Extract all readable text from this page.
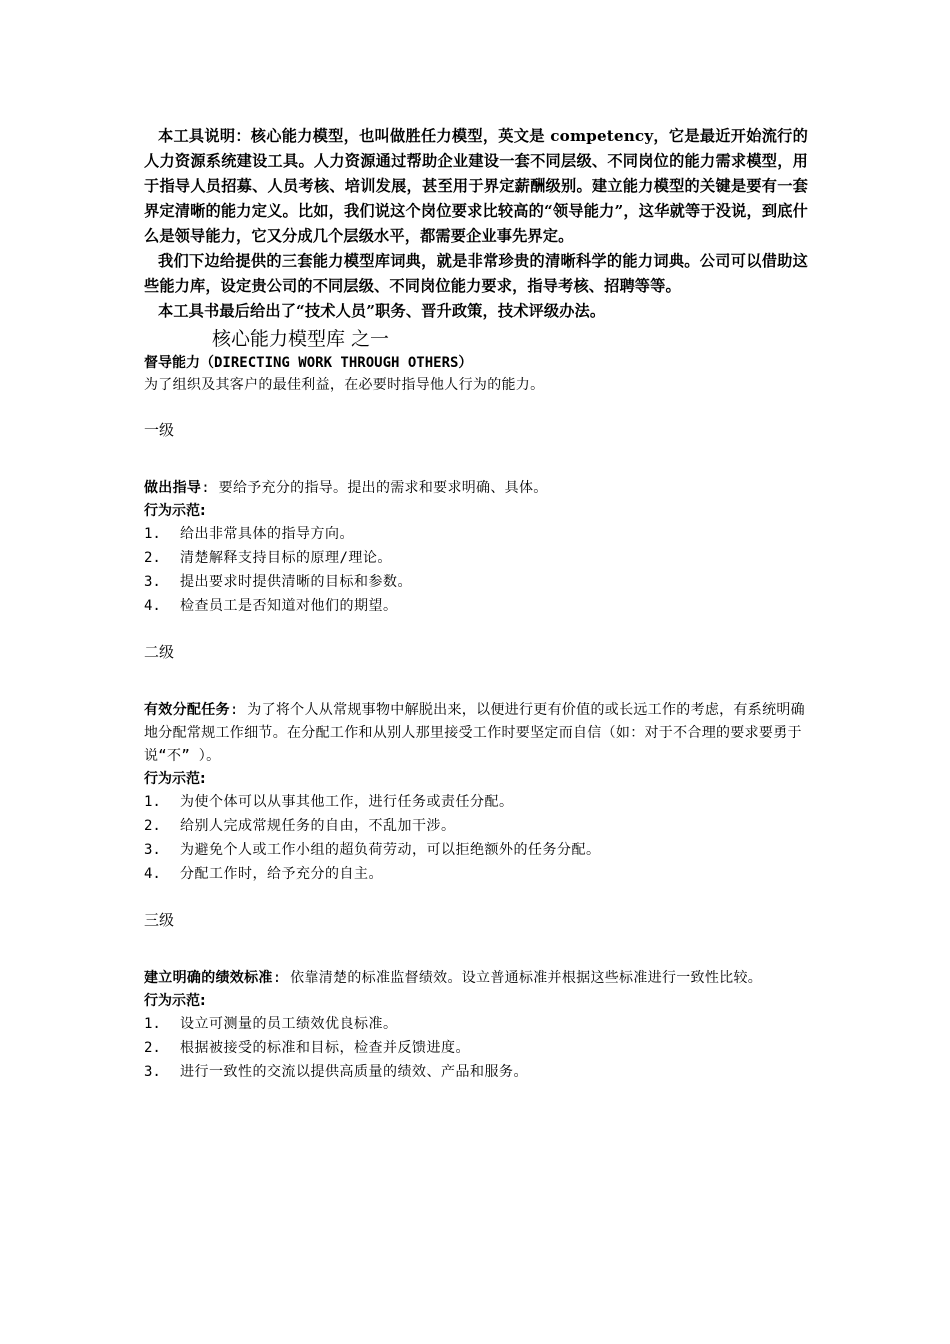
本工具说明：核心能力模型，也叫做胜任力模型，英文是 competency，它是最近开始流行的人力资源系统建设工具。人力资源通过帮助企业建设一套不同层级、不同岗位的能力需求模型，用于指导人员招募、人员考核、培训发展，甚至用于界定薪酬级别。建立能力模型的关键是要有一套界定清晰的能力定义。比如，我们说这个岗位要求比较高的“领导能力”，这华就等于没说，到底什么是领导能力，它又分成几个层级水平，都需要企业事先界定。

我们下边给提供的三套能力模型库词典，就是非常珍贵的清晰科学的能力词典。公司可以借助这些能力库，设定贵公司的不同层级、不同岗位能力要求，指导考核、招聘等等。

本工具书最后给出了“技术人员”职务、晋升政策，技术评级办法。

核心能力模型库 之一

督导能力（DIRECTING WORK THROUGH OTHERS）

为了组织及其客户的最佳利益，在必要时指导他人行为的能力。

一级

做出指导: 要给予充分的指导。提出的需求和要求明确、具体。

行为示范:

1.	给出非常具体的指导方向。
2.	清楚解释支持目标的原理/理论。
3.	提出要求时提供清晰的目标和参数。
4.	检查员工是否知道对他们的期望。

二级

有效分配任务: 为了将个人从常规事物中解脱出来，以便进行更有价值的或长远工作的考虑，有系统明确地分配常规工作细节。在分配工作和从别人那里接受工作时要坚定而自信（如：对于不合理的要求要勇于说“不” ）。

行为示范:

1.	为使个体可以从事其他工作，进行任务或责任分配。
2.	给别人完成常规任务的自由，不乱加干涉。
3.	为避免个人或工作小组的超负荷劳动，可以拒绝额外的任务分配。
4.	分配工作时，给予充分的自主。

三级

建立明确的绩效标准: 依靠清楚的标准监督绩效。设立普通标准并根据这些标准进行一致性比较。

行为示范:

1.	设立可测量的员工绩效优良标准。
2.	根据被接受的标准和目标，检查并反馈进度。
3.	进行一致性的交流以提供高质量的绩效、产品和服务。
